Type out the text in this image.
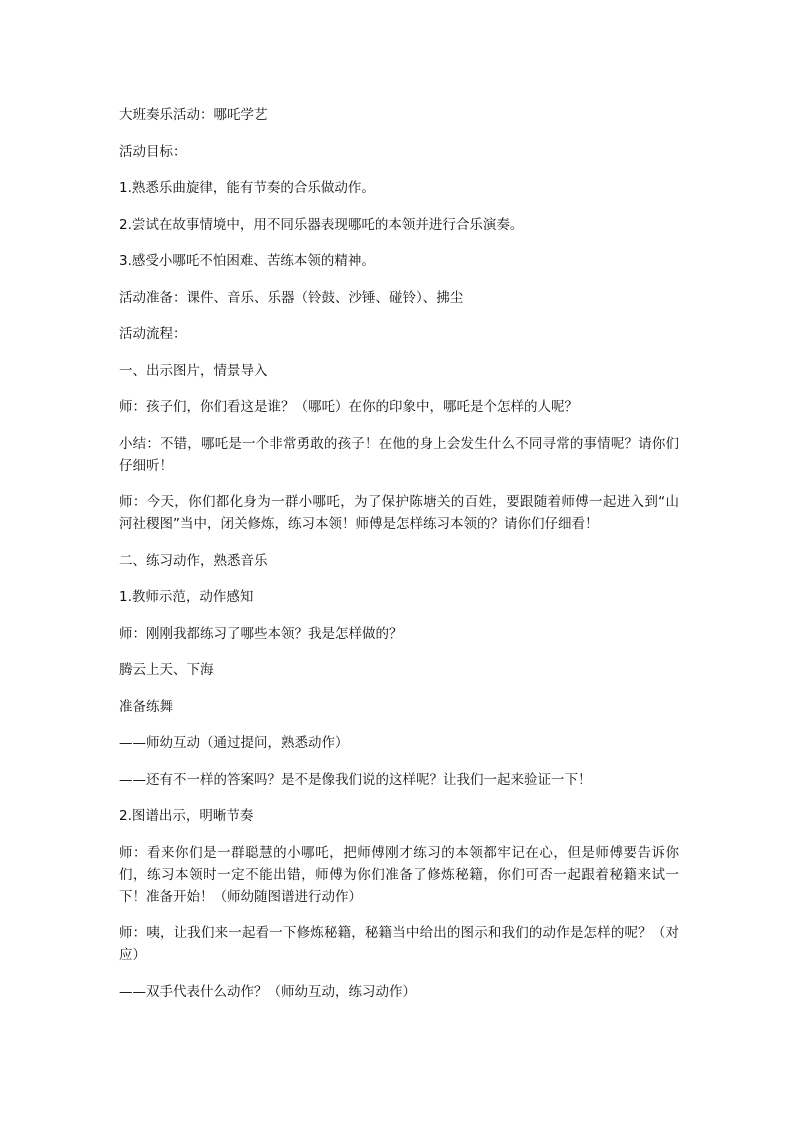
大班奏乐活动：哪吒学艺

活动目标：

1.熟悉乐曲旋律，能有节奏的合乐做动作。

2.尝试在故事情境中，用不同乐器表现哪吒的本领并进行合乐演奏。

3.感受小哪吒不怕困难、苦练本领的精神。

活动准备：课件、音乐、乐器（铃鼓、沙锤、碰铃）、拂尘

活动流程：

一、出示图片，情景导入

师：孩子们，你们看这是谁？（哪吒）在你的印象中，哪吒是个怎样的人呢？

小结：不错，哪吒是一个非常勇敢的孩子！在他的身上会发生什么不同寻常的事情呢？请你们仔细听！

师：今天，你们都化身为一群小哪吒，为了保护陈塘关的百姓，要跟随着师傅一起进入到“山河社稷图”当中，闭关修炼，练习本领！师傅是怎样练习本领的？请你们仔细看！

二、练习动作，熟悉音乐

1.教师示范，动作感知

师：刚刚我都练习了哪些本领？我是怎样做的？

腾云上天、下海

准备练舞

——师幼互动（通过提问，熟悉动作）

——还有不一样的答案吗？是不是像我们说的这样呢？让我们一起来验证一下！

2.图谱出示，明晰节奏

师：看来你们是一群聪慧的小哪吒，把师傅刚才练习的本领都牢记在心，但是师傅要告诉你们，练习本领时一定不能出错，师傅为你们准备了修炼秘籍，你们可否一起跟着秘籍来试一下！准备开始！（师幼随图谱进行动作）

师：咦，让我们来一起看一下修炼秘籍，秘籍当中给出的图示和我们的动作是怎样的呢？（对应）

——双手代表什么动作？（师幼互动，练习动作）
